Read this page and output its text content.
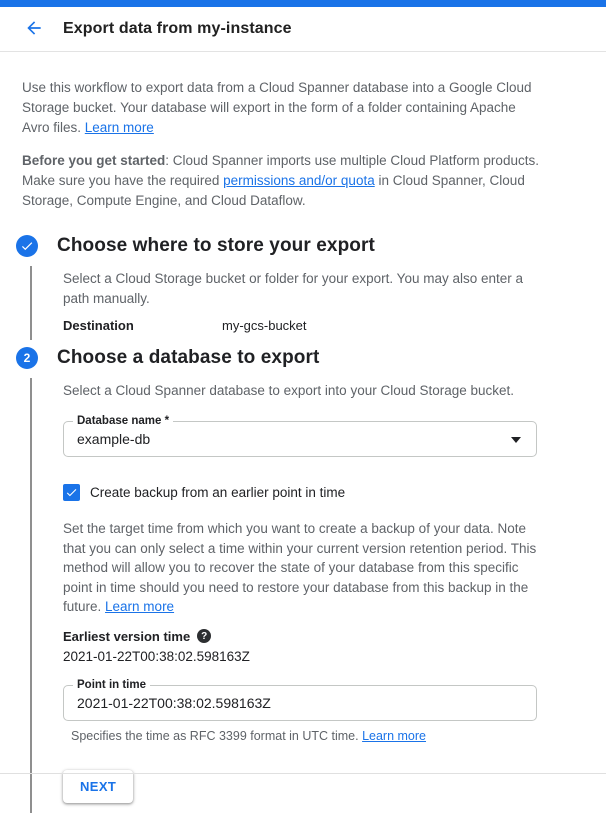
Export data from my-instance

Use this workflow to export data from a Cloud Spanner database into a Google Cloud Storage bucket. Your database will export in the form of a folder containing Apache Avro files. Learn more

Before you get started: Cloud Spanner imports use multiple Cloud Platform products. Make sure you have the required permissions and/or quota in Cloud Spanner, Cloud Storage, Compute Engine, and Cloud Dataflow.

Choose where to store your export

Select a Cloud Storage bucket or folder for your export. You may also enter a path manually.

Destination	my-gcs-bucket
2	Choose a database to export

Select a Cloud Spanner database to export into your Cloud Storage bucket.

Database name *
example-db
Create backup from an earlier point in time

Set the target time from which you want to create a backup of your data. Note that you can only select a time within your current version retention period. This method will allow you to recover the state of your database from this specific point in time should you need to restore your database from this backup in the future. Learn more

Earliest version time	?
2021-01-22T00:38:02.598163Z
Point in time
2021-01-22T00:38:02.598163Z
Specifies the time as RFC 3399 format in UTC time. Learn more
NEXT
